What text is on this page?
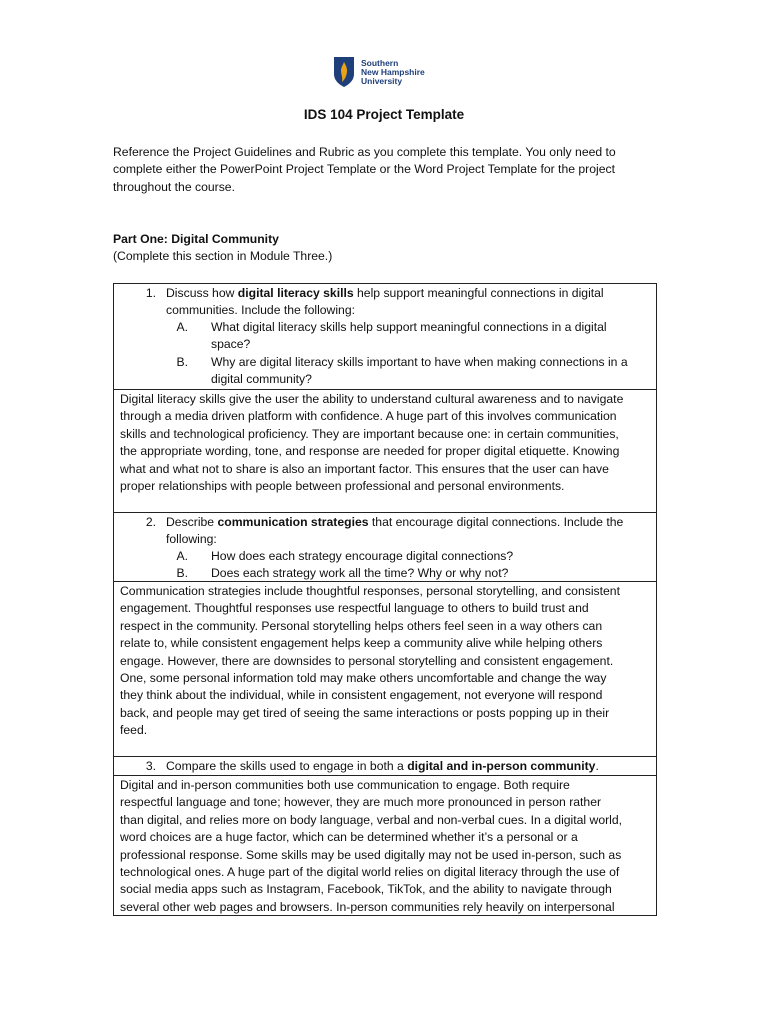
Southern
New Hampshire
University
IDS 104 Project Template
Reference the Project Guidelines and Rubric as you complete this template. You only need to complete either the PowerPoint Project Template or the Word Project Template for the project throughout the course.
Part One: Digital Community
(Complete this section in Module Three.)
1. Discuss how digital literacy skills help support meaningful connections in digital
communities. Include the following:
A. What digital literacy skills help support meaningful connections in a digital
space?
B. Why are digital literacy skills important to have when making connections in a
digital community?
Digital literacy skills give the user the ability to understand cultural awareness and to navigate
through a media driven platform with confidence. A huge part of this involves communication
skills and technological proficiency. They are important because one: in certain communities,
the appropriate wording, tone, and response are needed for proper digital etiquette. Knowing
what and what not to share is also an important factor. This ensures that the user can have
proper relationships with people between professional and personal environments.
2. Describe communication strategies that encourage digital connections. Include the
following:
A. How does each strategy encourage digital connections?
B. Does each strategy work all the time? Why or why not?
Communication strategies include thoughtful responses, personal storytelling, and consistent
engagement. Thoughtful responses use respectful language to others to build trust and
respect in the community. Personal storytelling helps others feel seen in a way others can
relate to, while consistent engagement helps keep a community alive while helping others
engage. However, there are downsides to personal storytelling and consistent engagement.
One, some personal information told may make others uncomfortable and change the way
they think about the individual, while in consistent engagement, not everyone will respond
back, and people may get tired of seeing the same interactions or posts popping up in their
feed.
3. Compare the skills used to engage in both a digital and in-person community.
Digital and in-person communities both use communication to engage. Both require
respectful language and tone; however, they are much more pronounced in person rather
than digital, and relies more on body language, verbal and non-verbal cues. In a digital world,
word choices are a huge factor, which can be determined whether it’s a personal or a
professional response. Some skills may be used digitally may not be used in-person, such as
technological ones. A huge part of the digital world relies on digital literacy through the use of
social media apps such as Instagram, Facebook, TikTok, and the ability to navigate through
several other web pages and browsers. In-person communities rely heavily on interpersonal
